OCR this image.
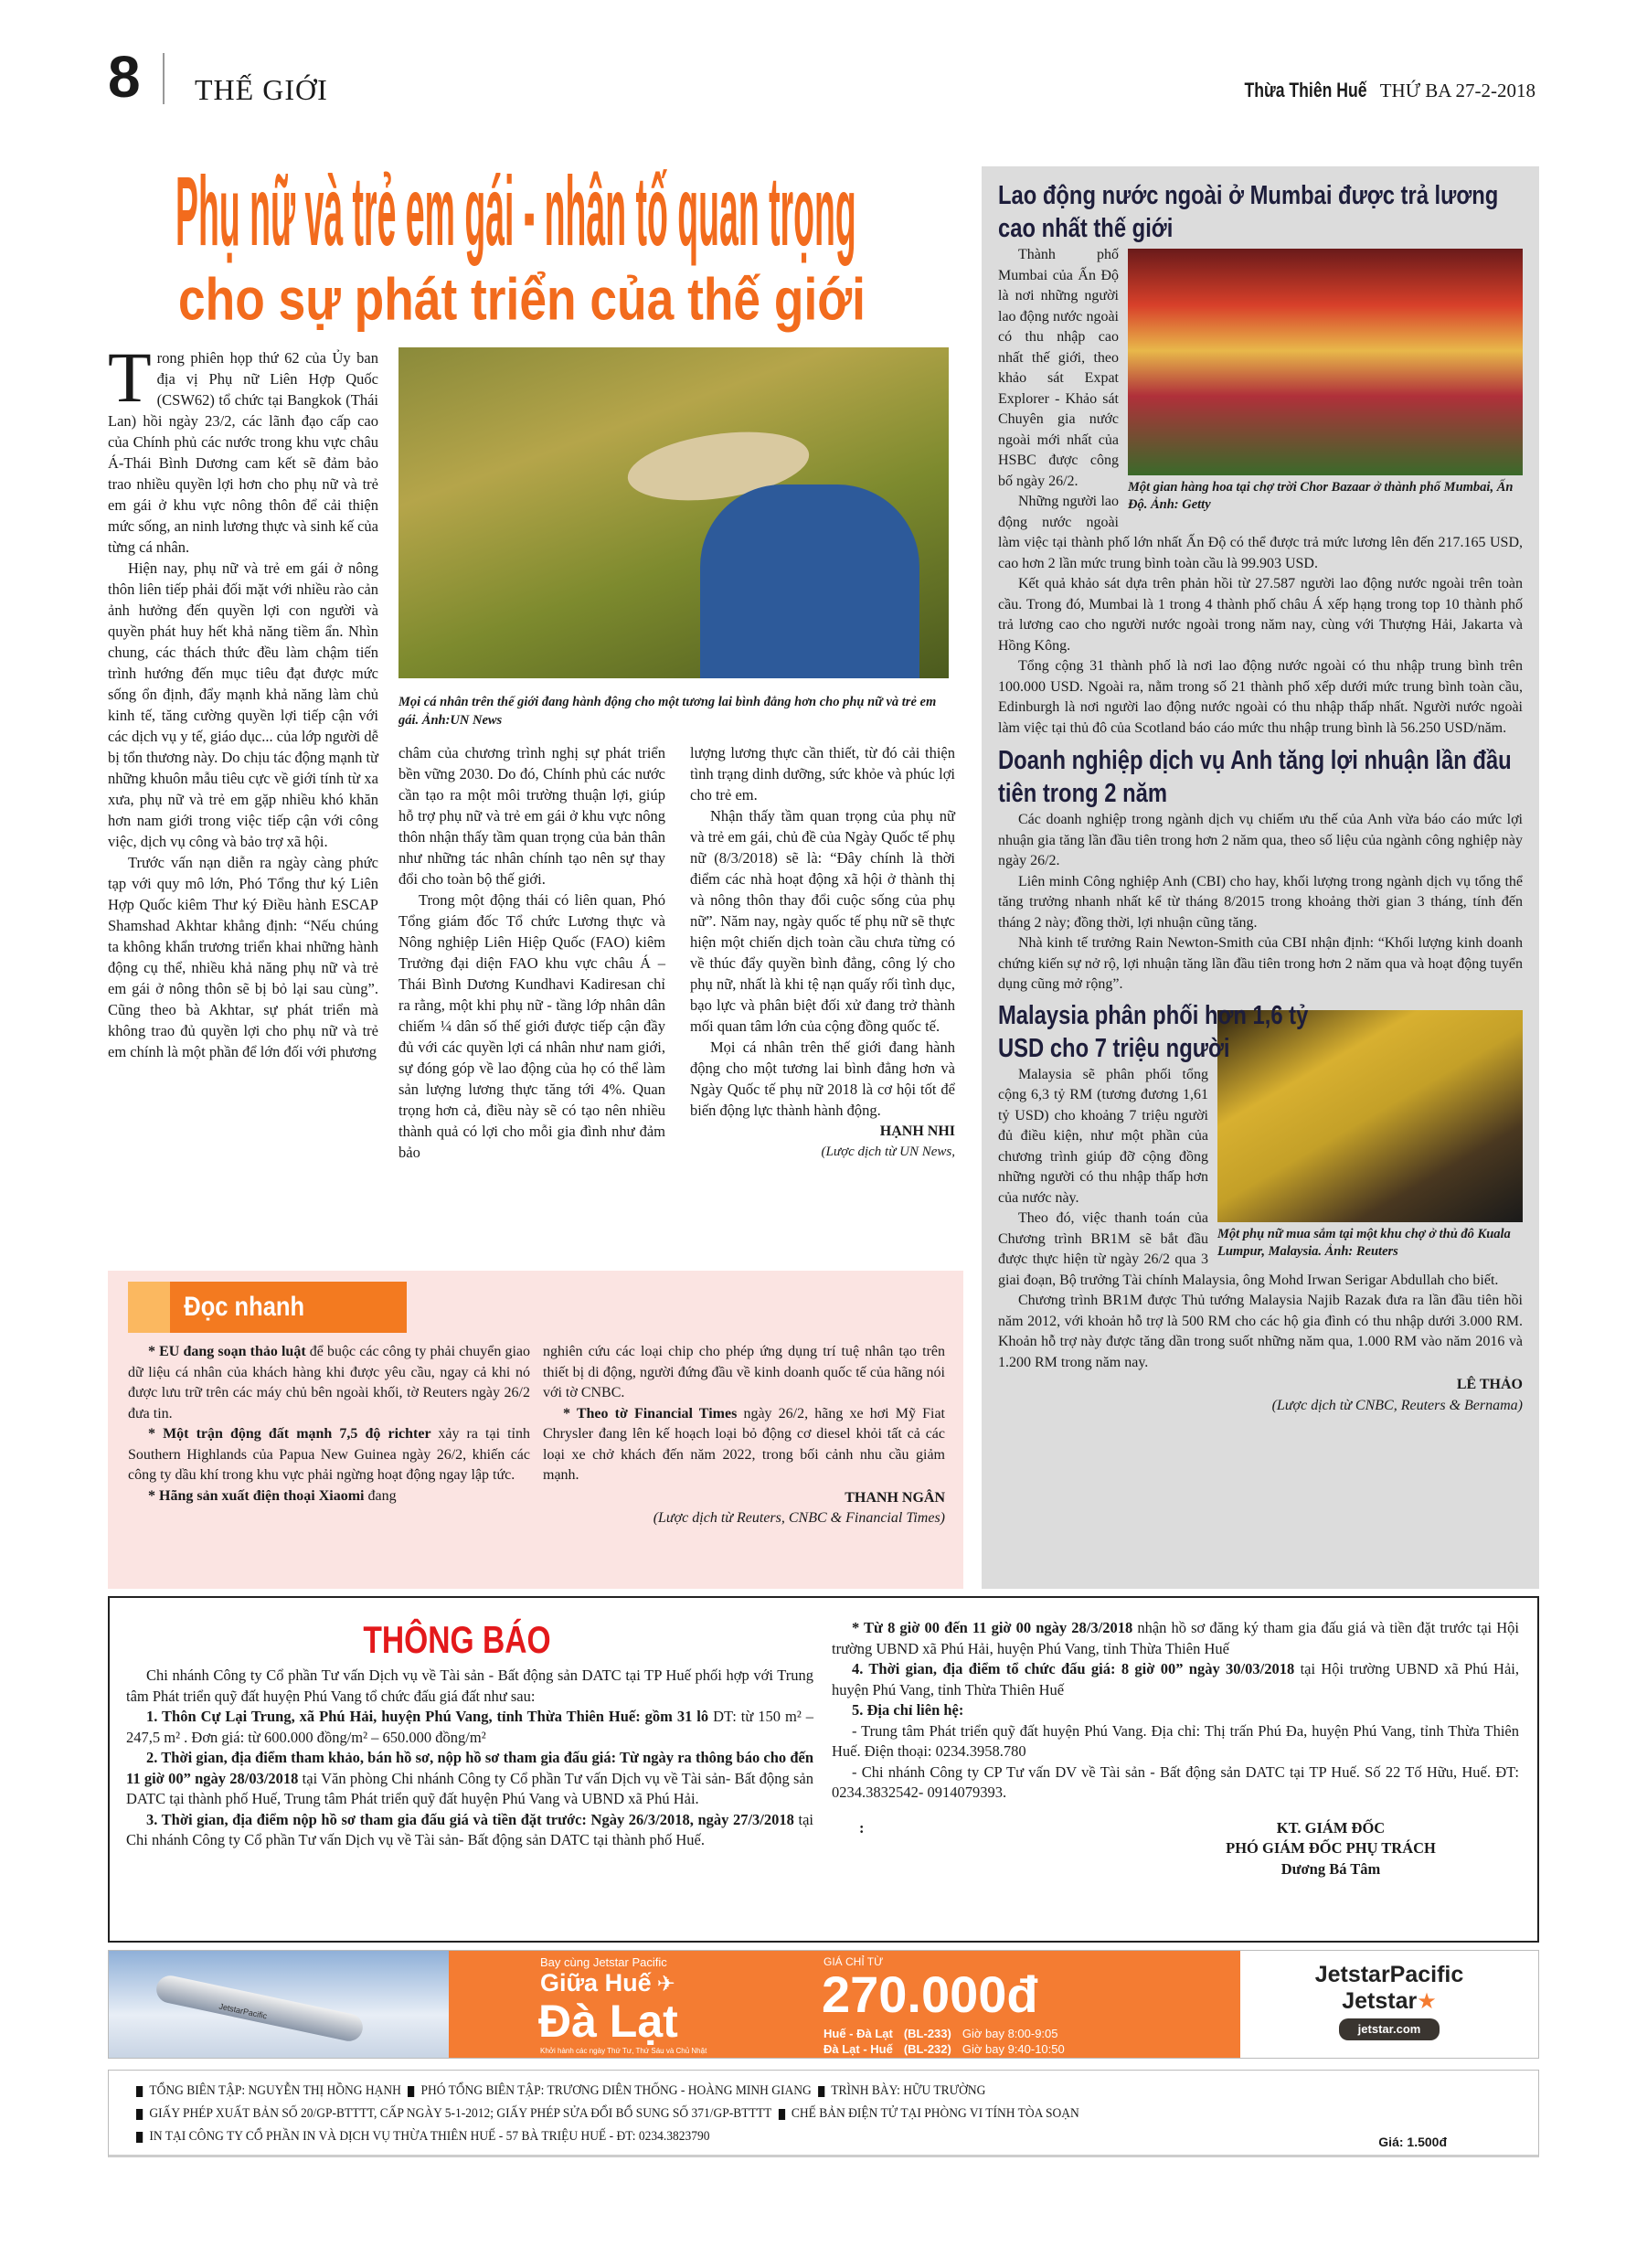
8 THẾ GIỚI	Thừa Thiên Huế THỨ BA 27-2-2018
Phụ nữ và trẻ em gái - nhân tố quan trọng
cho sự phát triển của thế giới
T rong phiên họp thứ 62 của Ủy ban địa vị Phụ nữ Liên Hợp Quốc (CSW62) tổ chức tại Bangkok (Thái Lan) hồi ngày 23/2, các lãnh đạo cấp cao của Chính phủ các nước trong khu vực châu Á-Thái Bình Dương cam kết sẽ đảm bảo trao nhiều quyền lợi hơn cho phụ nữ và trẻ em gái ở khu vực nông thôn để cải thiện mức sống, an ninh lương thực và sinh kế của từng cá nhân.

Hiện nay, phụ nữ và trẻ em gái ở nông thôn liên tiếp phải đối mặt với nhiều rào cản ảnh hưởng đến quyền lợi con người và quyền phát huy hết khả năng tiềm ẩn. Nhìn chung, các thách thức đều làm chậm tiến trình hướng đến mục tiêu đạt được mức sống ổn định, đẩy mạnh khả năng làm chủ kinh tế, tăng cường quyền lợi tiếp cận với các dịch vụ y tế, giáo dục... của lớp người dễ bị tổn thương này. Do chịu tác động mạnh từ những khuôn mẫu tiêu cực về giới tính từ xa xưa, phụ nữ và trẻ em gặp nhiều khó khăn hơn nam giới trong việc tiếp cận với công việc, dịch vụ công và bảo trợ xã hội.

Trước vấn nạn diễn ra ngày càng phức tạp với quy mô lớn, Phó Tổng thư ký Liên Hợp Quốc kiêm Thư ký Điều hành ESCAP Shamshad Akhtar khẳng định: “Nếu chúng ta không khẩn trương triển khai những hành động cụ thể, nhiều khả năng phụ nữ và trẻ em gái ở nông thôn sẽ bị bỏ lại sau cùng”. Cũng theo bà Akhtar, sự phát triển mà không trao đủ quyền lợi cho phụ nữ và trẻ em chính là một phần để lớn đối với phương

Mọi cá nhân trên thế giới đang hành động cho một tương lai bình đẳng hơn cho phụ nữ và trẻ em gái. Ảnh:UN News

châm của chương trình nghị sự phát triển bền vững 2030. Do đó, Chính phủ các nước cần tạo ra một môi trường thuận lợi, giúp hỗ trợ phụ nữ và trẻ em gái ở khu vực nông thôn nhận thấy tầm quan trọng của bản thân như những tác nhân chính tạo nên sự thay đổi cho toàn bộ thế giới.

Trong một động thái có liên quan, Phó Tổng giám đốc Tổ chức Lương thực và Nông nghiệp Liên Hiệp Quốc (FAO) kiêm Trưởng đại diện FAO khu vực châu Á – Thái Bình Dương Kundhavi Kadiresan chỉ ra rằng, một khi phụ nữ - tầng lớp nhân dân chiếm ¼ dân số thế giới được tiếp cận đầy đủ với các quyền lợi cá nhân như nam giới, sự đóng góp về lao động của họ có thể làm sản lượng lương thực tăng tới 4%. Quan trọng hơn cả, điều này sẽ có tạo nên nhiều thành quả có lợi cho mỗi gia đình như đảm bảo

lượng lương thực cần thiết, từ đó cải thiện tình trạng dinh dưỡng, sức khỏe và phúc lợi cho trẻ em.

Nhận thấy tầm quan trọng của phụ nữ và trẻ em gái, chủ đề của Ngày Quốc tế phụ nữ (8/3/2018) sẽ là: “Đây chính là thời điểm các nhà hoạt động xã hội ở thành thị và nông thôn thay đổi cuộc sống của phụ nữ”. Năm nay, ngày quốc tế phụ nữ sẽ thực hiện một chiến dịch toàn cầu chưa từng có về thúc đẩy quyền bình đẳng, công lý cho phụ nữ, nhất là khi tệ nạn quấy rối tình dục, bạo lực và phân biệt đối xử đang trở thành mối quan tâm lớn của cộng đồng quốc tế.

Mọi cá nhân trên thế giới đang hành động cho một tương lai bình đẳng hơn và Ngày Quốc tế phụ nữ 2018 là cơ hội tốt để biến động lực thành hành động.

HẠNH NHI

(Lược dịch từ UN News,

Lao động nước ngoài ở Mumbai được trả lương cao nhất thế giới
Một gian hàng hoa tại chợ trời Chor Bazaar ở thành phố Mumbai, Ấn Độ. Ảnh: Getty

Thành phố Mumbai của Ấn Độ là nơi những người lao động nước ngoài có thu nhập cao nhất thế giới, theo khảo sát Expat Explorer - Khảo sát Chuyên gia nước ngoài mới nhất của HSBC được công bố ngày 26/2.

Những người lao động nước ngoài làm việc tại thành phố lớn nhất Ấn Độ có thể được trả mức lương lên đến 217.165 USD, cao hơn 2 lần mức trung bình toàn cầu là 99.903 USD.

Kết quả khảo sát dựa trên phản hồi từ 27.587 người lao động nước ngoài trên toàn cầu. Trong đó, Mumbai là 1 trong 4 thành phố châu Á xếp hạng trong top 10 thành phố trả lương cao cho người nước ngoài trong năm nay, cùng với Thượng Hải, Jakarta và Hồng Kông.

Tổng cộng 31 thành phố là nơi lao động nước ngoài có thu nhập trung bình trên 100.000 USD. Ngoài ra, nằm trong số 21 thành phố xếp dưới mức trung bình toàn cầu, Edinburgh là nơi người lao động nước ngoài có thu nhập thấp nhất. Người nước ngoài làm việc tại thủ đô của Scotland báo cáo mức thu nhập trung bình là 56.250 USD/năm.

Doanh nghiệp dịch vụ Anh tăng lợi nhuận lần đầu tiên trong 2 năm

Các doanh nghiệp trong ngành dịch vụ chiếm ưu thế của Anh vừa báo cáo mức lợi nhuận gia tăng lần đầu tiên trong hơn 2 năm qua, theo số liệu của ngành công nghiệp này ngày 26/2.

Liên minh Công nghiệp Anh (CBI) cho hay, khối lượng trong ngành dịch vụ tổng thể tăng trưởng nhanh nhất kể từ tháng 8/2015 trong khoảng thời gian 3 tháng, tính đến tháng 2 này; đồng thời, lợi nhuận cũng tăng.

Nhà kinh tế trưởng Rain Newton-Smith của CBI nhận định: “Khối lượng kinh doanh chứng kiến sự nở rộ, lợi nhuận tăng lần đầu tiên trong hơn 2 năm qua và hoạt động tuyển dụng cũng mở rộng”.

Malaysia phân phối hơn 1,6 tỷ USD cho 7 triệu người
Một phụ nữ mua sắm tại một khu chợ ở thủ đô Kuala Lumpur, Malaysia. Ảnh: Reuters

Malaysia sẽ phân phối tổng cộng 6,3 tỷ RM (tương đương 1,61 tỷ USD) cho khoảng 7 triệu người đủ điều kiện, như một phần của chương trình giúp đỡ cộng đồng những người có thu nhập thấp hơn của nước này.

Theo đó, việc thanh toán của Chương trình BR1M sẽ bắt đầu được thực hiện từ ngày 26/2 qua 3 giai đoạn, Bộ trưởng Tài chính Malaysia, ông Mohd Irwan Serigar Abdullah cho biết.

Chương trình BR1M được Thủ tướng Malaysia Najib Razak đưa ra lần đầu tiên hồi năm 2012, với khoản hỗ trợ là 500 RM cho các hộ gia đình có thu nhập dưới 3.000 RM. Khoản hỗ trợ này được tăng dần trong suốt những năm qua, 1.000 RM vào năm 2016 và 1.200 RM trong năm nay.

LÊ THẢO

(Lược dịch từ CNBC, Reuters & Bernama)

Đọc nhanh

* EU đang soạn thảo luật để buộc các công ty phải chuyển giao dữ liệu cá nhân của khách hàng khi được yêu cầu, ngay cả khi nó được lưu trữ trên các máy chủ bên ngoài khối, tờ Reuters ngày 26/2 đưa tin.

* Một trận động đất mạnh 7,5 độ richter xảy ra tại tỉnh Southern Highlands của Papua New Guinea ngày 26/2, khiến các công ty dầu khí trong khu vực phải ngừng hoạt động ngay lập tức.

* Hãng sản xuất điện thoại Xiaomi đang

nghiên cứu các loại chip cho phép ứng dụng trí tuệ nhân tạo trên thiết bị di động, người đứng đầu về kinh doanh quốc tế của hãng nói với tờ CNBC.

* Theo tờ Financial Times ngày 26/2, hãng xe hơi Mỹ Fiat Chrysler đang lên kế hoạch loại bỏ động cơ diesel khỏi tất cả các loại xe chở khách đến năm 2022, trong bối cảnh nhu cầu giảm mạnh.

THANH NGÂN

(Lược dịch từ Reuters, CNBC & Financial Times)

THÔNG BÁO

Chi nhánh Công ty Cổ phần Tư vấn Dịch vụ về Tài sản - Bất động sản DATC tại TP Huế phối hợp với Trung tâm Phát triển quỹ đất huyện Phú Vang tổ chức đấu giá đất như sau:

1. Thôn Cự Lại Trung, xã Phú Hải, huyện Phú Vang, tỉnh Thừa Thiên Huế: gồm 31 lô DT: từ 150 m² – 247,5 m² . Đơn giá: từ 600.000 đồng/m² – 650.000 đồng/m²

2. Thời gian, địa điểm tham khảo, bán hồ sơ, nộp hồ sơ tham gia đấu giá: Từ ngày ra thông báo cho đến 11 giờ 00” ngày 28/03/2018 tại Văn phòng Chi nhánh Công ty Cổ phần Tư vấn Dịch vụ về Tài sản- Bất động sản DATC tại thành phố Huế, Trung tâm Phát triển quỹ đất huyện Phú Vang và UBND xã Phú Hải.

3. Thời gian, địa điểm nộp hồ sơ tham gia đấu giá và tiền đặt trước: Ngày 26/3/2018, ngày 27/3/2018 tại Chi nhánh Công ty Cổ phần Tư vấn Dịch vụ về Tài sản- Bất động sản DATC tại thành phố Huế.

* Từ 8 giờ 00 đến 11 giờ 00 ngày 28/3/2018 nhận hồ sơ đăng ký tham gia đấu giá và tiền đặt trước tại Hội trường UBND xã Phú Hải, huyện Phú Vang, tỉnh Thừa Thiên Huế

4. Thời gian, địa điểm tổ chức đấu giá: 8 giờ 00” ngày 30/03/2018 tại Hội trường UBND xã Phú Hải, huyện Phú Vang, tỉnh Thừa Thiên Huế

5. Địa chỉ liên hệ:

- Trung tâm Phát triển quỹ đất huyện Phú Vang. Địa chỉ: Thị trấn Phú Đa, huyện Phú Vang, tỉnh Thừa Thiên Huế. Điện thoại: 0234.3958.780

- Chi nhánh Công ty CP Tư vấn DV về Tài sản - Bất động sản DATC tại TP Huế. Số 22 Tố Hữu, Huế. ĐT: 0234.3832542- 0914079393.

:	KT. GIÁM ĐỐC

PHÓ GIÁM ĐỐC PHỤ TRÁCH

Dương Bá Tâm

JetstarPacific
Bay cùng Jetstar Pacific
Giữa Huế ✈
Đà Lạt
Khởi hành các ngày Thứ Tư, Thứ Sáu và Chủ Nhật
GIÁ CHỈ TỪ
270.000đ
Huế - Đà Lạt (BL-233) Giờ bay 8:00-9:05
Đà Lạt - Huế (BL-232) Giờ bay 9:40-10:50
JetstarPacific
Jetstar★
jetstar.com
TỔNG BIÊN TẬP: NGUYỄN THỊ HỒNG HẠNH PHÓ TỔNG BIÊN TẬP: TRƯƠNG DIÊN THỐNG - HOÀNG MINH GIANG TRÌNH BÀY: HỮU TRƯỜNG
GIẤY PHÉP XUẤT BẢN SỐ 20/GP-BTTTT, CẤP NGÀY 5-1-2012; GIẤY PHÉP SỬA ĐỔI BỔ SUNG SỐ 371/GP-BTTTT CHẾ BẢN ĐIỆN TỬ TẠI PHÒNG VI TÍNH TÒA SOẠN
IN TẠI CÔNG TY CỔ PHẦN IN VÀ DỊCH VỤ THỪA THIÊN HUẾ - 57 BÀ TRIỆU HUẾ - ĐT: 0234.3823790	Giá: 1.500đ
